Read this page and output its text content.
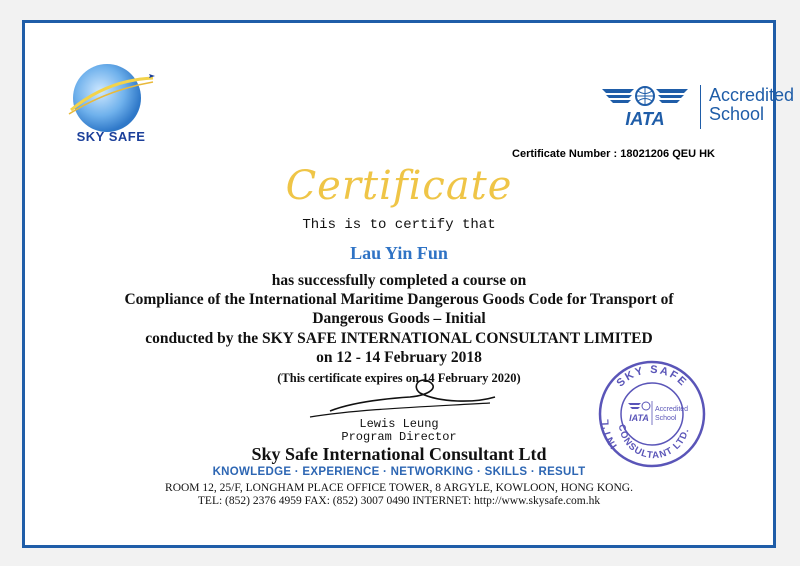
SKY SAFE
IATA
Accredited
School
Certificate Number : 18021206 QEU HK
Certificate
This is to certify that
Lau Yin Fun
has successfully completed a course on
Compliance of the International Maritime Dangerous Goods Code for Transport of
Dangerous Goods – Initial
conducted by the SKY SAFE INTERNATIONAL CONSULTANT LIMITED
on 12 - 14 February 2018
(This certificate expires on 14 February 2020)
Lewis Leung
Program Director
Sky Safe International Consultant Ltd
KNOWLEDGE · EXPERIENCE · NETWORKING · SKILLS · RESULT
ROOM 12, 25/F, LONGHAM PLACE OFFICE TOWER, 8 ARGYLE, KOWLOON, HONG KONG.
TEL: (852) 2376 4959 FAX: (852) 3007 0490 INTERNET: http://www.skysafe.com.hk
SKY SAFE
INT'L
CONSULTANT LTD.
IATA
Accredited
School
